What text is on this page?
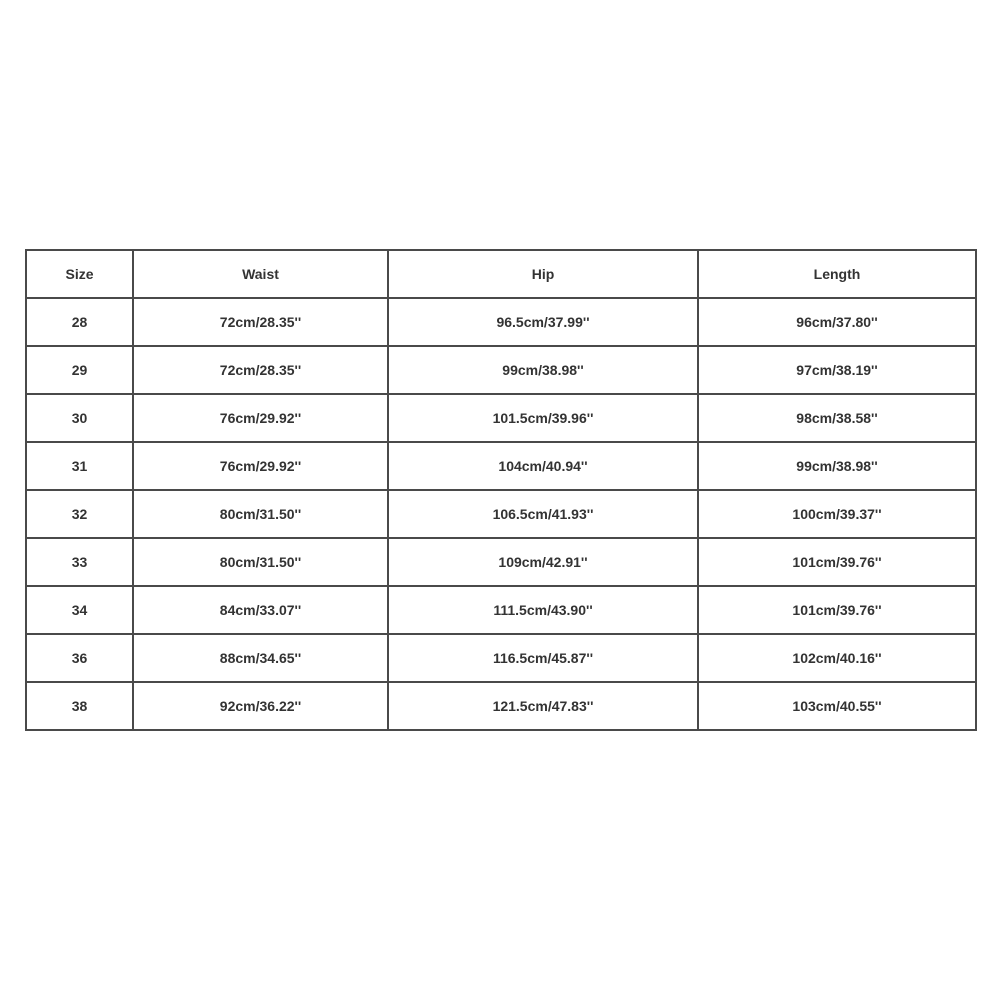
Size	Waist	Hip	Length
28	72cm/28.35''	96.5cm/37.99''	96cm/37.80''
29	72cm/28.35''	99cm/38.98''	97cm/38.19''
30	76cm/29.92''	101.5cm/39.96''	98cm/38.58''
31	76cm/29.92''	104cm/40.94''	99cm/38.98''
32	80cm/31.50''	106.5cm/41.93''	100cm/39.37''
33	80cm/31.50''	109cm/42.91''	101cm/39.76''
34	84cm/33.07''	111.5cm/43.90''	101cm/39.76''
36	88cm/34.65''	116.5cm/45.87''	102cm/40.16''
38	92cm/36.22''	121.5cm/47.83''	103cm/40.55''
